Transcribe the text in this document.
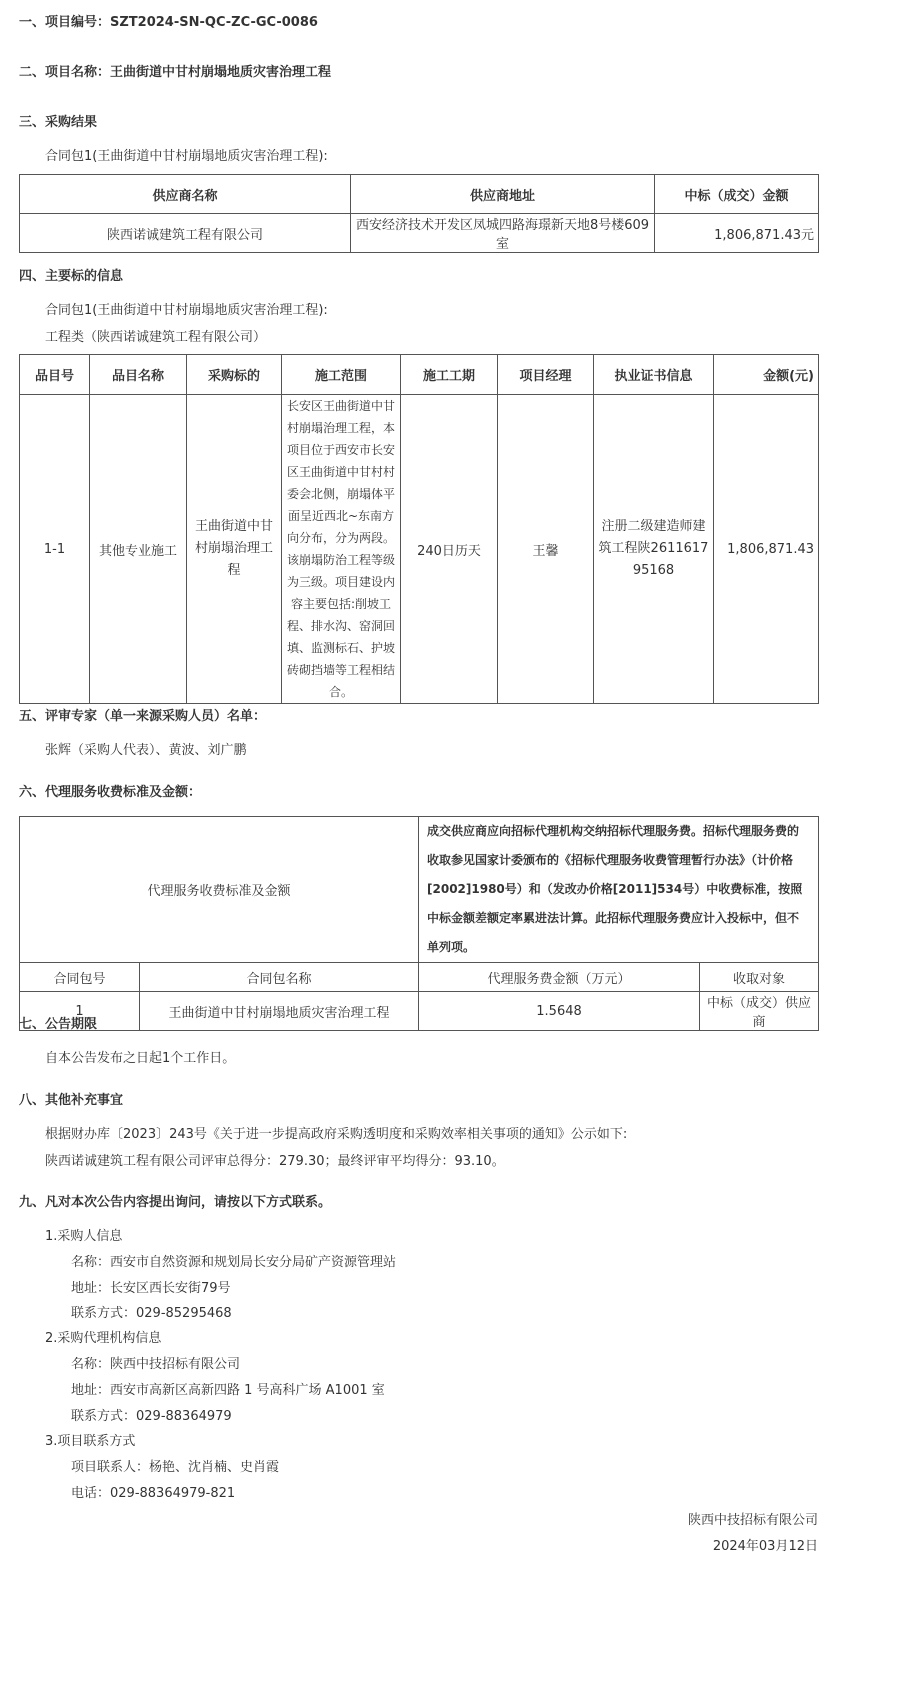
一、项目编号：SZT2024-SN-QC-ZC-GC-0086
二、项目名称：王曲街道中甘村崩塌地质灾害治理工程
三、采购结果
合同包1(王曲街道中甘村崩塌地质灾害治理工程):
供应商名称	供应商地址	中标（成交）金额
陕西诺诚建筑工程有限公司	西安经济技术开发区凤城四路海璟新天地8号楼609室	1,806,871.43元
四、主要标的信息
合同包1(王曲街道中甘村崩塌地质灾害治理工程):
工程类（陕西诺诚建筑工程有限公司）
品目号	品目名称	采购标的	施工范围	施工工期	项目经理	执业证书信息	金额(元)
1-1	其他专业施工	王曲街道中甘村崩塌治理工程	长安区王曲街道中甘村崩塌治理工程，本项目位于西安市长安区王曲街道中甘村村委会北侧，崩塌体平面呈近西北~东南方向分布，分为两段。该崩塌防治工程等级为三级。项目建设内容主要包括:削坡工程、排水沟、窑洞回填、监测标石、护坡砖砌挡墙等工程相结合。	240日历天	王馨	注册二级建造师建筑工程陕261161795168	1,806,871.43
五、评审专家（单一来源采购人员）名单：
张辉（采购人代表）、黄波、刘广鹏
六、代理服务收费标准及金额：
代理服务收费标准及金额		成交供应商应向招标代理机构交纳招标代理服务费。招标代理服务费的收取参见国家计委颁布的《招标代理服务收费管理暂行办法》（计价格[2002]1980号）和（发改办价格[2011]534号）中收费标准，按照中标金额差额定率累进法计算。此招标代理服务费应计入投标中，但不单列项。	
合同包号	合同包名称	代理服务费金额（万元）	收取对象
1	王曲街道中甘村崩塌地质灾害治理工程	1.5648	中标（成交）供应商
七、公告期限
自本公告发布之日起1个工作日。
八、其他补充事宜
根据财办库〔2023〕243号《关于进一步提高政府采购透明度和采购效率相关事项的通知》公示如下:
陕西诺诚建筑工程有限公司评审总得分：279.30；最终评审平均得分：93.10。
九、凡对本次公告内容提出询问，请按以下方式联系。
1.采购人信息
名称：西安市自然资源和规划局长安分局矿产资源管理站
地址：长安区西长安街79号
联系方式：029-85295468
2.采购代理机构信息
名称：陕西中技招标有限公司
地址：西安市高新区高新四路 1 号高科广场 A1001 室
联系方式：029-88364979
3.项目联系方式
项目联系人：杨艳、沈肖楠、史肖霞
电话：029-88364979-821
陕西中技招标有限公司
2024年03月12日
